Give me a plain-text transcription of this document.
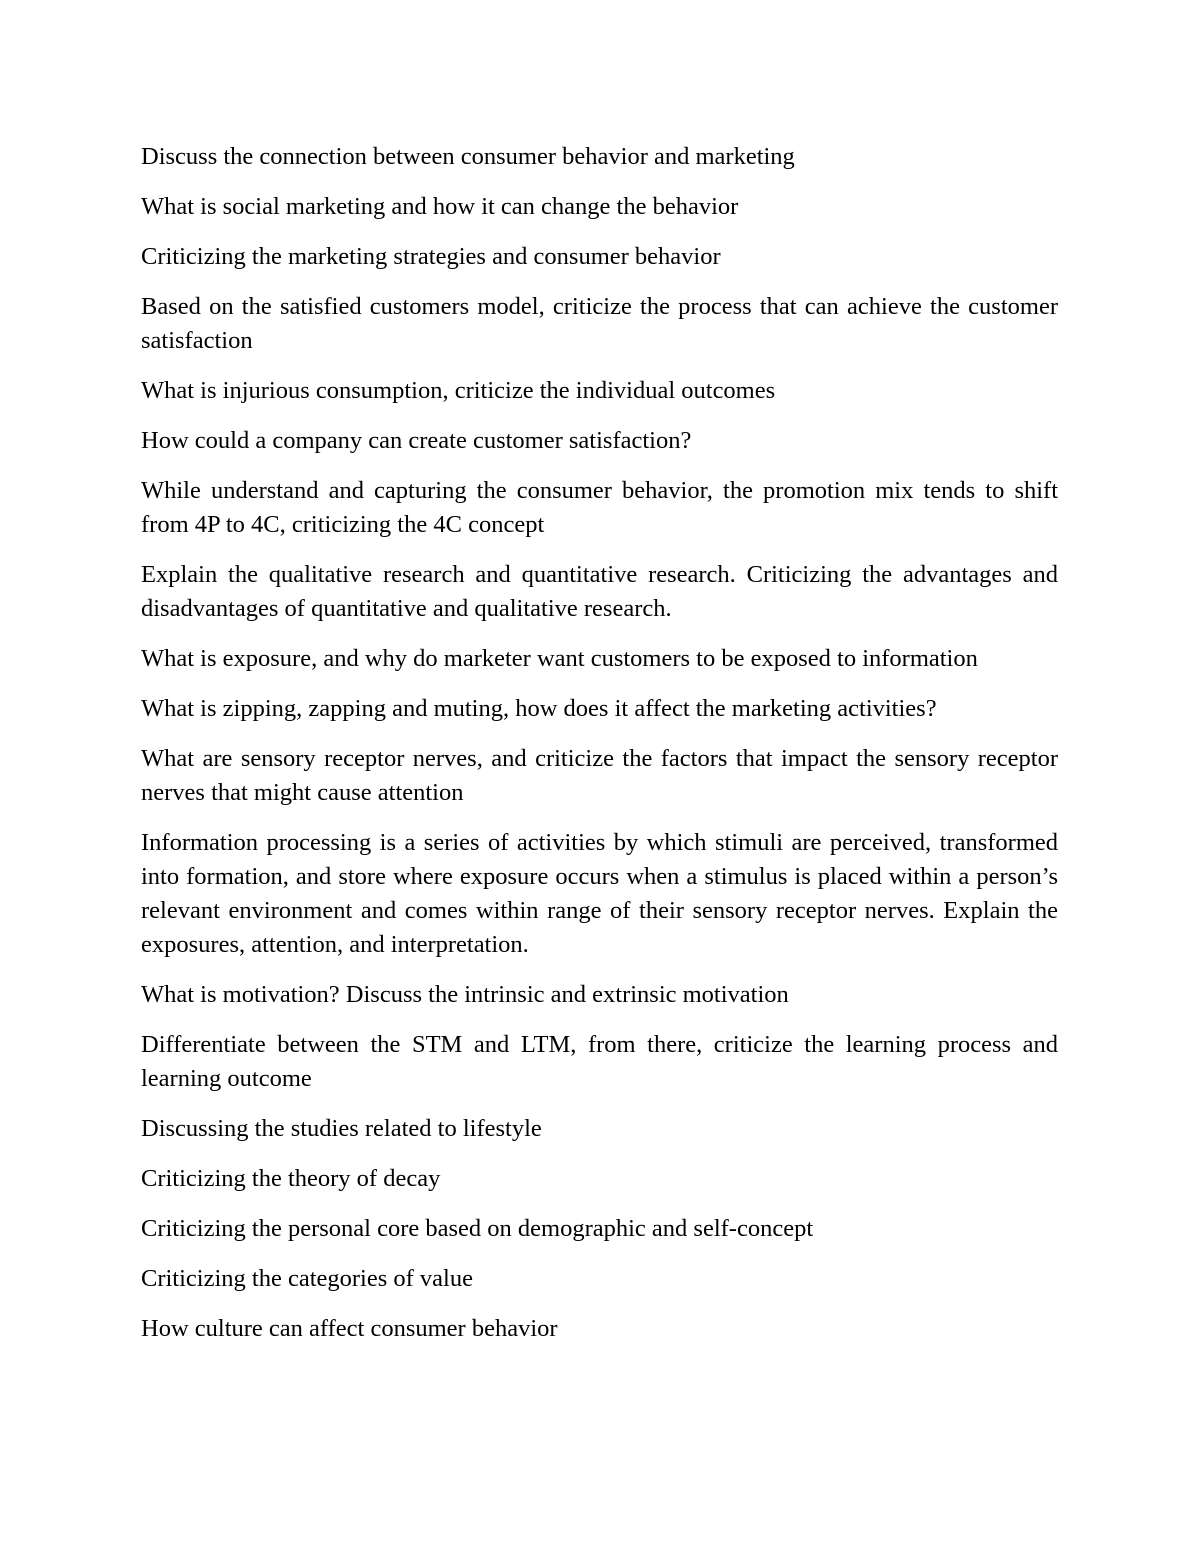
Discuss the connection between consumer behavior and marketing

What is social marketing and how it can change the behavior

Criticizing the marketing strategies and consumer behavior

Based on the satisfied customers model, criticize the process that can achieve the customer satisfaction

What is injurious consumption, criticize the individual outcomes

How could a company can create customer satisfaction?

While understand and capturing the consumer behavior, the promotion mix tends to shift from 4P to 4C, criticizing the 4C concept

Explain the qualitative research and quantitative research. Criticizing the advantages and disadvantages of quantitative and qualitative research.

What is exposure, and why do marketer want customers to be exposed to information

What is zipping, zapping and muting, how does it affect the marketing activities?

What are sensory receptor nerves, and criticize the factors that impact the sensory receptor nerves that might cause attention

Information processing is a series of activities by which stimuli are perceived, transformed into formation, and store where exposure occurs when a stimulus is placed within a person’s relevant environment and comes within range of their sensory receptor nerves. Explain the exposures, attention, and interpretation.

What is motivation? Discuss the intrinsic and extrinsic motivation

Differentiate between the STM and LTM, from there, criticize the learning process and learning outcome

Discussing the studies related to lifestyle

Criticizing the theory of decay

Criticizing the personal core based on demographic and self-concept

Criticizing the categories of value

How culture can affect consumer behavior
